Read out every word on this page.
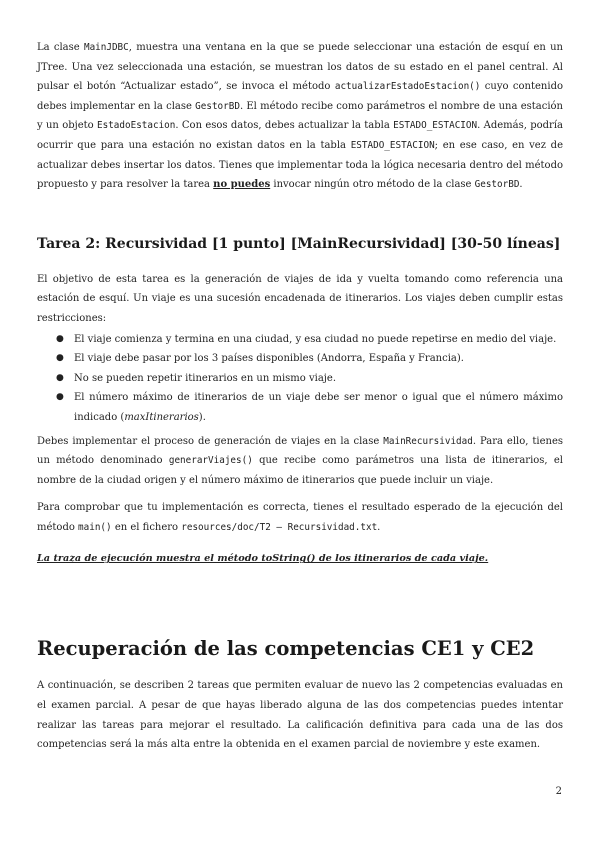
La clase MainJDBC, muestra una ventana en la que se puede seleccionar una estación de esquí en un JTree. Una vez seleccionada una estación, se muestran los datos de su estado en el panel central. Al pulsar el botón “Actualizar estado”, se invoca el método actualizarEstadoEstacion() cuyo contenido debes implementar en la clase GestorBD. El método recibe como parámetros el nombre de una estación y un objeto EstadoEstacion. Con esos datos, debes actualizar la tabla ESTADO_ESTACION. Además, podría ocurrir que para una estación no existan datos en la tabla ESTADO_ESTACION; en ese caso, en vez de actualizar debes insertar los datos. Tienes que implementar toda la lógica necesaria dentro del método propuesto y para resolver la tarea no puedes invocar ningún otro método de la clase GestorBD.

Tarea 2: Recursividad [1 punto] [MainRecursividad] [30-50 líneas]

El objetivo de esta tarea es la generación de viajes de ida y vuelta tomando como referencia una estación de esquí. Un viaje es una sucesión encadenada de itinerarios. Los viajes deben cumplir estas restricciones:

● El viaje comienza y termina en una ciudad, y esa ciudad no puede repetirse en medio del viaje.
● El viaje debe pasar por los 3 países disponibles (Andorra, España y Francia).
● No se pueden repetir itinerarios en un mismo viaje.
● El número máximo de itinerarios de un viaje debe ser menor o igual que el número máximo indicado (maxItinerarios).

Debes implementar el proceso de generación de viajes en la clase MainRecursividad. Para ello, tienes un método denominado generarViajes() que recibe como parámetros una lista de itinerarios, el nombre de la ciudad origen y el número máximo de itinerarios que puede incluir un viaje.

Para comprobar que tu implementación es correcta, tienes el resultado esperado de la ejecución del método main() en el fichero resources/doc/T2 – Recursividad.txt.

La traza de ejecución muestra el método toString() de los itinerarios de cada viaje.

Recuperación de las competencias CE1 y CE2

A continuación, se describen 2 tareas que permiten evaluar de nuevo las 2 competencias evaluadas en el examen parcial. A pesar de que hayas liberado alguna de las dos competencias puedes intentar realizar las tareas para mejorar el resultado. La calificación definitiva para cada una de las dos competencias será la más alta entre la obtenida en el examen parcial de noviembre y este examen.

2
